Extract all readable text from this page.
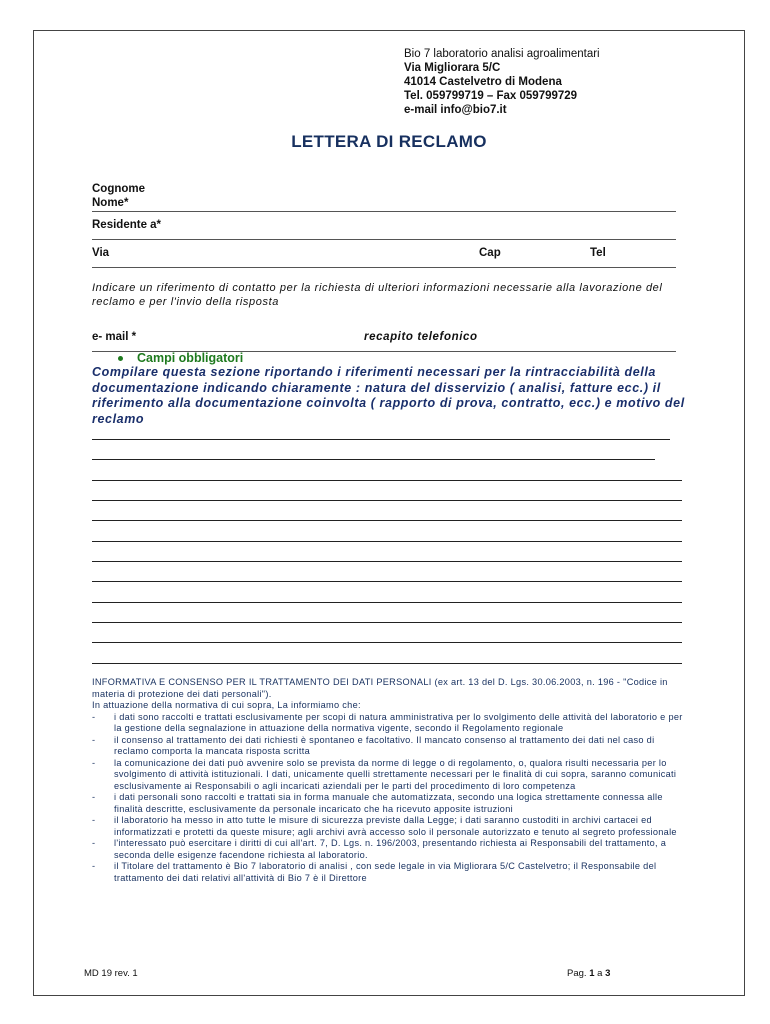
Bio 7 laboratorio analisi agroalimentari
Via Migliorara 5/C
41014 Castelvetro di Modena
Tel. 059799719 – Fax 059799729
e-mail info@bio7.it
LETTERA DI RECLAMO
Cognome
Nome*
Residente a*
Via	Cap	Tel
Indicare un riferimento di contatto per la richiesta di ulteriori informazioni necessarie alla lavorazione del reclamo e per l'invio della risposta
e- mail *	recapito telefonico
Campi obbligatori
Compilare questa sezione riportando i riferimenti necessari per la rintracciabilità della documentazione indicando chiaramente : natura del disservizio ( analisi, fatture ecc.) il riferimento alla documentazione coinvolta ( rapporto di prova, contratto, ecc.) e motivo del reclamo
INFORMATIVA E CONSENSO PER IL TRATTAMENTO DEI DATI PERSONALI (ex art. 13 del D. Lgs. 30.06.2003, n. 196 - "Codice in materia di protezione dei dati personali").
In attuazione della normativa di cui sopra, La informiamo che:
- i dati sono raccolti e trattati esclusivamente per scopi di natura amministrativa per lo svolgimento delle attività del laboratorio e per la gestione della segnalazione in attuazione della normativa vigente, secondo il Regolamento regionale
- il consenso al trattamento dei dati richiesti è spontaneo e facoltativo. Il mancato consenso al trattamento dei dati nel caso di reclamo comporta la mancata risposta scritta
- la comunicazione dei dati può avvenire solo se prevista da norme di legge o di regolamento, o, qualora risulti necessaria per lo svolgimento di attività istituzionali. I dati, unicamente quelli strettamente necessari per le finalità di cui sopra, saranno comunicati esclusivamente ai Responsabili o agli incaricati aziendali per le parti del procedimento di loro competenza
- i dati personali sono raccolti e trattati sia in forma manuale che automatizzata, secondo una logica strettamente connessa alle finalità descritte, esclusivamente da personale incaricato che ha ricevuto apposite istruzioni
- il laboratorio ha messo in atto tutte le misure di sicurezza previste dalla Legge; i dati saranno custoditi in archivi cartacei ed informatizzati e protetti da queste misure; agli archivi avrà accesso solo il personale autorizzato e tenuto al segreto professionale
- l'interessato può esercitare i diritti di cui all'art. 7, D. Lgs. n. 196/2003, presentando richiesta ai Responsabili del trattamento, a seconda delle esigenze facendone richiesta al laboratorio.
- il Titolare del trattamento è Bio 7 laboratorio di analisi , con sede legale in via Migliorara 5/C Castelvetro; il Responsabile del trattamento dei dati relativi all'attività di Bio 7 è il Direttore
MD 19 rev. 1	Pag. 1 a 3
